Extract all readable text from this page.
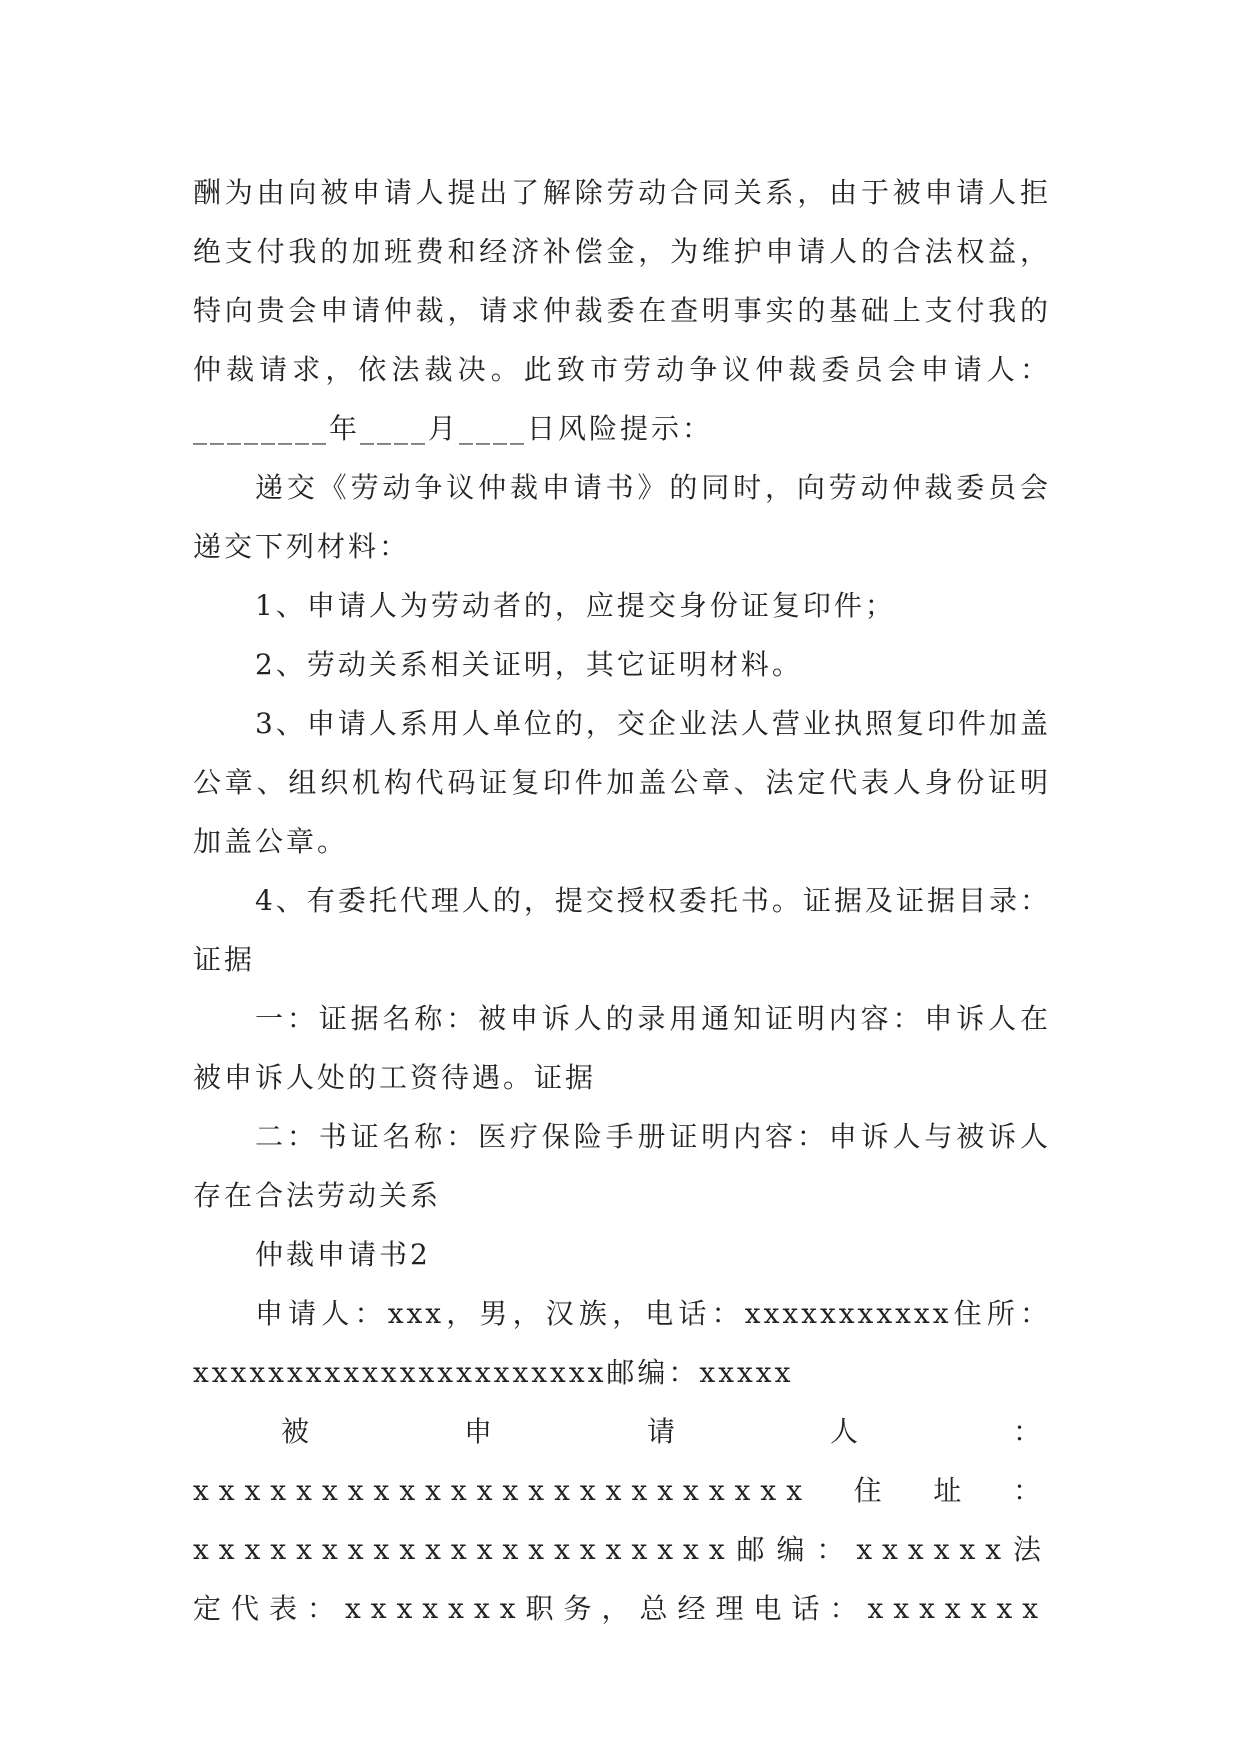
酬为由向被申请人提出了解除劳动合同关系，由于被申请人拒绝支付我的加班费和经济补偿金，为维护申请人的合法权益，特向贵会申请仲裁，请求仲裁委在查明事实的基础上支付我的仲裁请求，依法裁决。此致市劳动争议仲裁委员会申请人：________年____月____日风险提示：

递交《劳动争议仲裁申请书》的同时，向劳动仲裁委员会递交下列材料：

1、申请人为劳动者的，应提交身份证复印件；

2、劳动关系相关证明，其它证明材料。

3、申请人系用人单位的，交企业法人营业执照复印件加盖公章、组织机构代码证复印件加盖公章、法定代表人身份证明加盖公章。

4、有委托代理人的，提交授权委托书。证据及证据目录：证据

一：证据名称：被申诉人的录用通知证明内容：申诉人在被申诉人处的工资待遇。证据

二：书证名称：医疗保险手册证明内容：申诉人与被诉人存在合法劳动关系

仲裁申请书2

申请人：xxx，男，汉族，电话：xxxxxxxxxxx住所：xxxxxxxxxxxxxxxxxxxxxx邮编：xxxxx

被申请人：xxxxxxxxxxxxxxxxxxxxxxxx住址：xxxxxxxxxxxxxxxxxxxxx邮编：xxxxxx法定代表：xxxxxxx职务，总经理电话：xxxxxxx
